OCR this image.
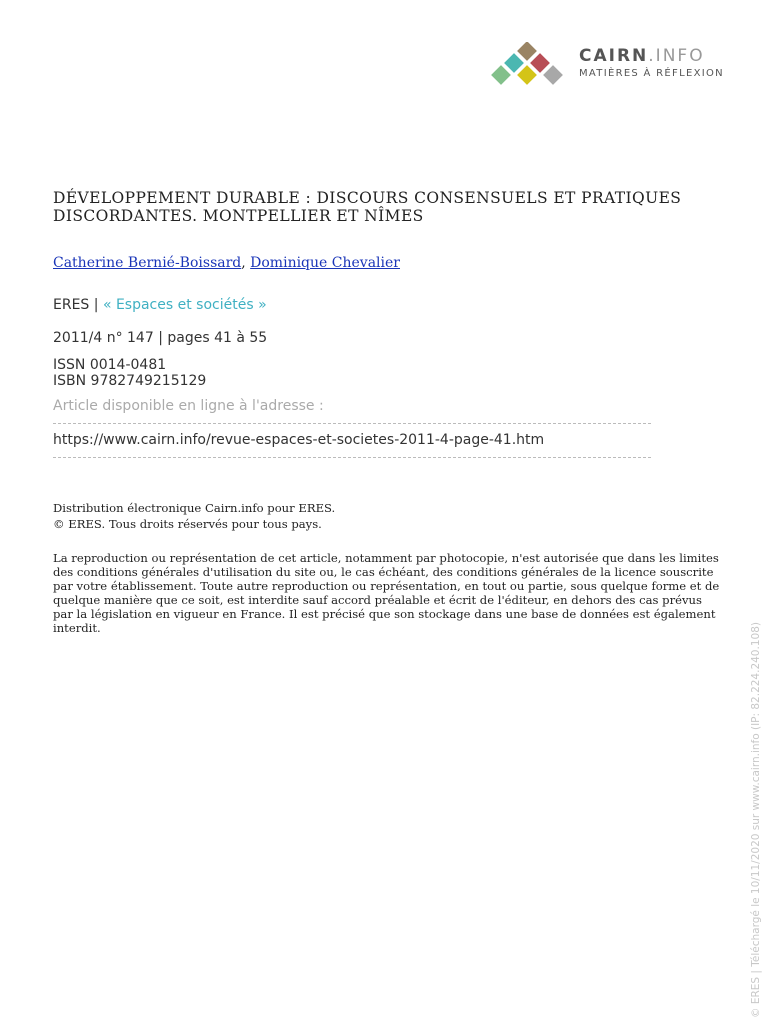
CAIRN.INFO
MATIÈRES À RÉFLEXION
DÉVELOPPEMENT DURABLE : DISCOURS CONSENSUELS ET PRATIQUES DISCORDANTES. MONTPELLIER ET NÎMES
Catherine Bernié-Boissard, Dominique Chevalier
ERES | « Espaces et sociétés »
2011/4 n° 147 | pages 41 à 55
ISSN 0014-0481
ISBN 9782749215129
Article disponible en ligne à l'adresse :
https://www.cairn.info/revue-espaces-et-societes-2011-4-page-41.htm
Distribution électronique Cairn.info pour ERES.
© ERES. Tous droits réservés pour tous pays.
La reproduction ou représentation de cet article, notamment par photocopie, n'est autorisée que dans les limites des conditions générales d'utilisation du site ou, le cas échéant, des conditions générales de la licence souscrite par votre établissement. Toute autre reproduction ou représentation, en tout ou partie, sous quelque forme et de quelque manière que ce soit, est interdite sauf accord préalable et écrit de l'éditeur, en dehors des cas prévus par la législation en vigueur en France. Il est précisé que son stockage dans une base de données est également interdit.	© ERES | Téléchargé le 10/11/2020 sur www.cairn.info (IP: 82.224.240.108)
